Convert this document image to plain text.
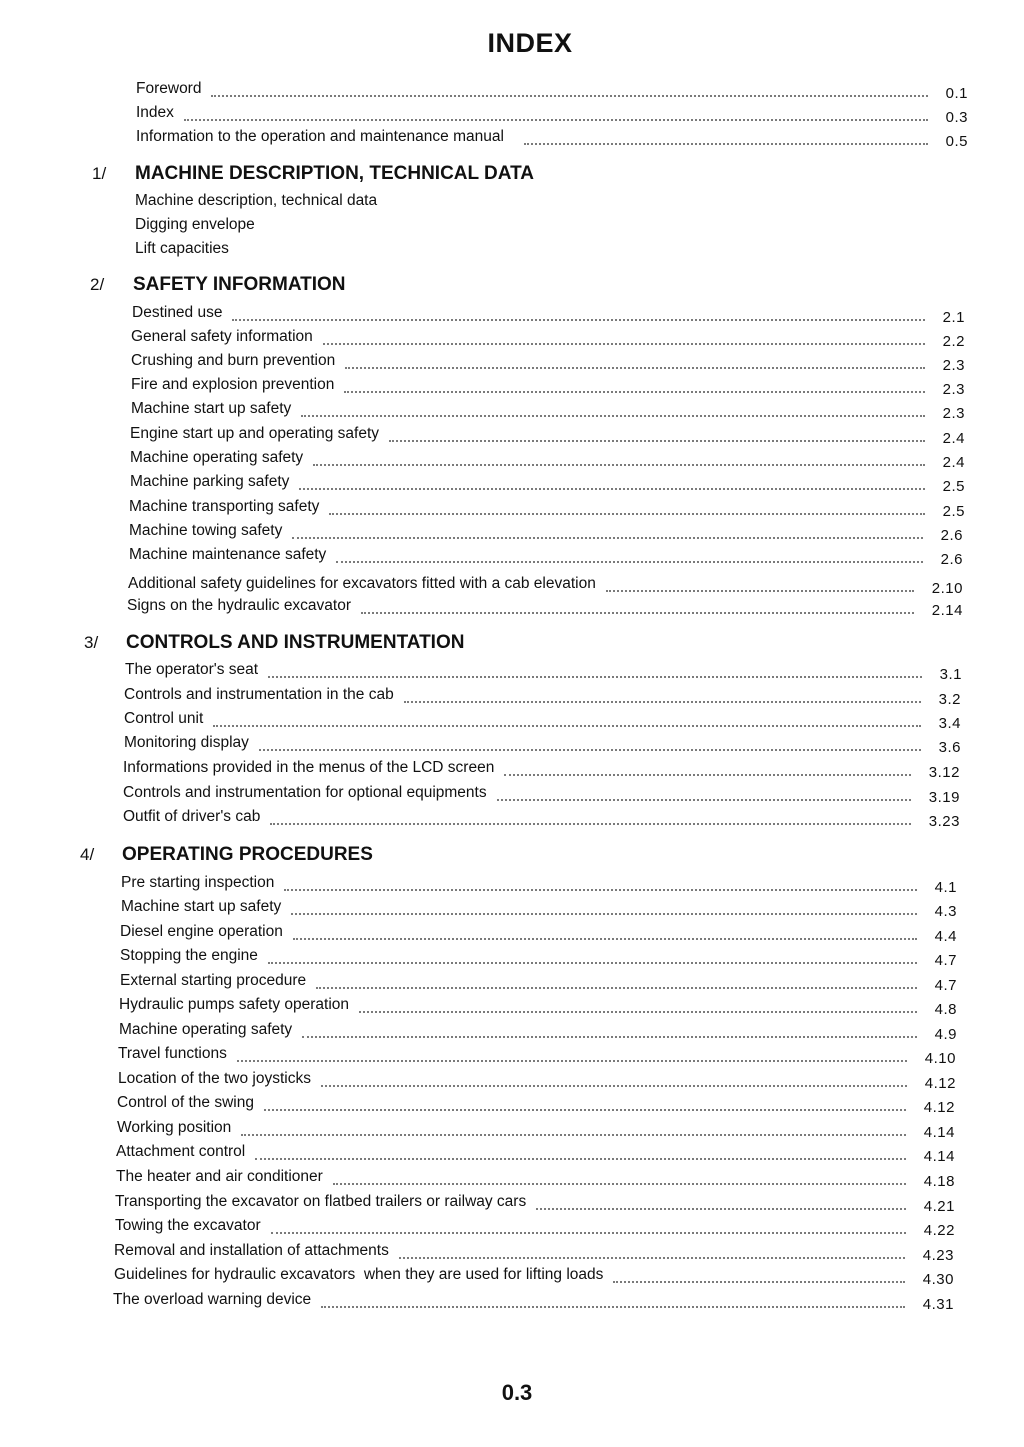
INDEX
Foreword	0.1
Index	0.3
Information to the operation and maintenance manual	0.5
1/ MACHINE DESCRIPTION, TECHNICAL DATA
Machine description, technical data
Digging envelope
Lift capacities
2/ SAFETY INFORMATION
Destined use	2.1
General safety information	2.2
Crushing and burn prevention	2.3
Fire and explosion prevention	2.3
Machine start up safety	2.3
Engine start up and operating safety	2.4
Machine operating safety	2.4
Machine parking safety	2.5
Machine transporting safety	2.5
Machine towing safety	2.6
Machine maintenance safety	2.6
Additional safety guidelines for excavators fitted with a cab elevation	2.10
Signs on the hydraulic excavator	2.14
3/ CONTROLS AND INSTRUMENTATION
The operator's seat	3.1
Controls and instrumentation in the cab	3.2
Control unit	3.4
Monitoring display	3.6
Informations provided in the menus of the LCD screen	3.12
Controls and instrumentation for optional equipments	3.19
Outfit of driver's cab	3.23
4/ OPERATING PROCEDURES
Pre starting inspection	4.1
Machine start up safety	4.3
Diesel engine operation	4.4
Stopping the engine	4.7
External starting procedure	4.7
Hydraulic pumps safety operation	4.8
Machine operating safety	4.9
Travel functions	4.10
Location of the two joysticks	4.12
Control of the swing	4.12
Working position	4.14
Attachment control	4.14
The heater and air conditioner	4.18
Transporting the excavator on flatbed trailers or railway cars	4.21
Towing the excavator	4.22
Removal and installation of attachments	4.23
Guidelines for hydraulic excavators  when they are used for lifting loads	4.30
The overload warning device	4.31
0.3
